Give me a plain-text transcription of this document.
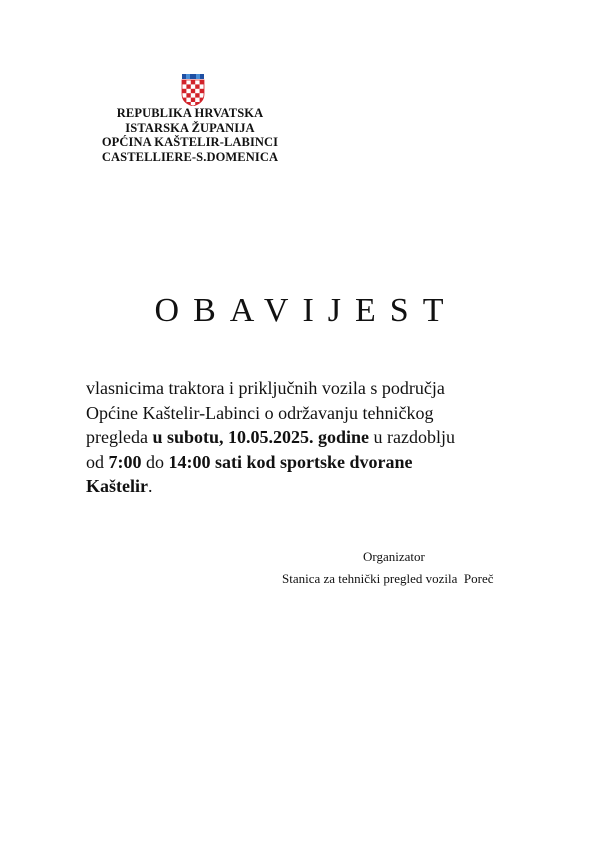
REPUBLIKA HRVATSKA
ISTARSKA ŽUPANIJA
OPĆINA KAŠTELIR-LABINCI
CASTELLIERE-S.DOMENICA
OBAVIJEST
vlasnicima traktora i priključnih vozila s područja
Općine Kaštelir-Labinci o održavanju tehničkog
pregleda u subotu, 10.05.2025. godine u razdoblju
od 7:00 do 14:00 sati kod sportske dvorane
Kaštelir.
Organizator
Stanica za tehnički pregled vozila  Poreč
